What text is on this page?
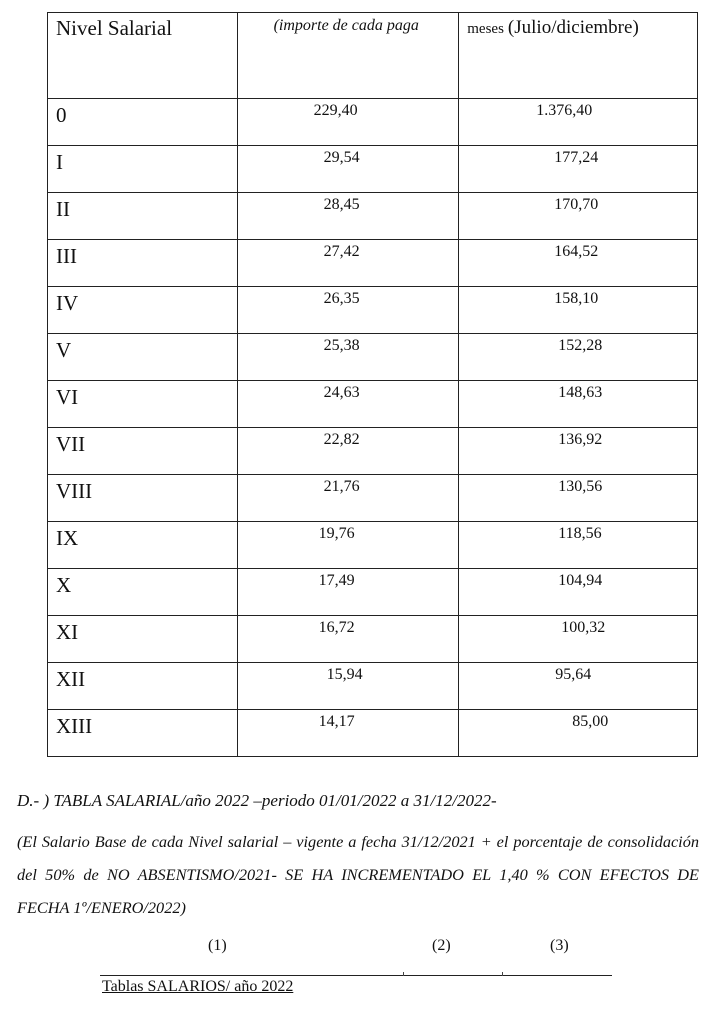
Nivel Salarial	(importe de cada paga	meses (Julio/diciembre)

0	229,40	1.376,40

I	29,54	177,24

II	28,45	170,70

III	27,42	164,52

IV	26,35	158,10

V	25,38	152,28

VI	24,63	148,63

VII	22,82	136,92

VIII	21,76	130,56

IX	19,76	118,56

X	17,49	104,94

XI	16,72	100,32

XII	15,94	95,64

XIII	14,17	85,00
D.- ) TABLA SALARIAL/año 2022 –periodo 01/01/2022 a 31/12/2022-
(El Salario Base de cada Nivel salarial – vigente a fecha 31/12/2021 + el porcentaje de consolidación del 50% de NO ABSENTISMO/2021- SE HA INCREMENTADO EL 1,40 % CON EFECTOS DE FECHA 1º/ENERO/2022)
(1)	(2)	(3)
Tablas SALARIOS/ año 2022
